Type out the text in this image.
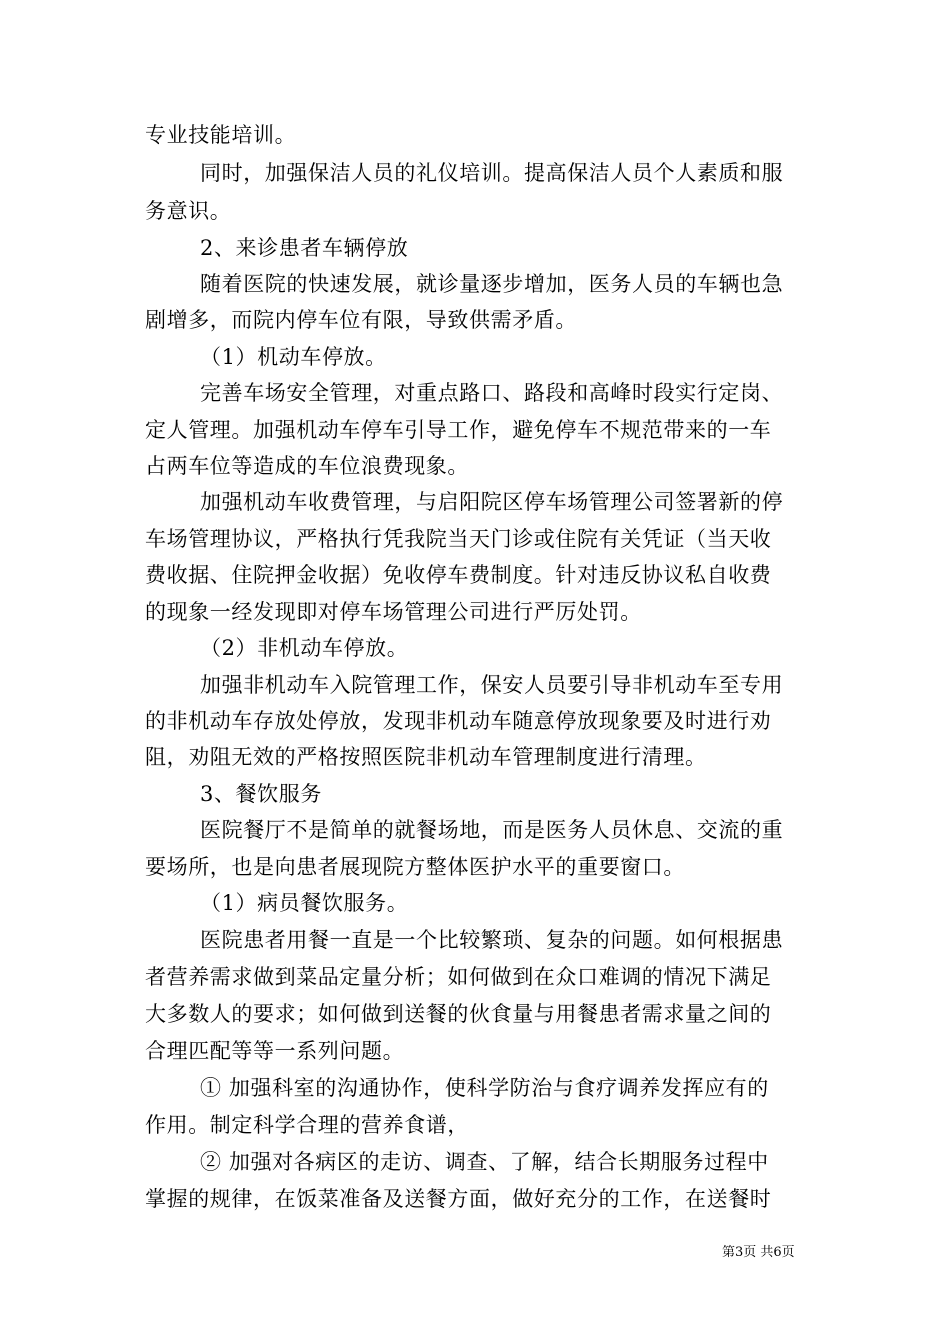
专业技能培训。
同时，加强保洁人员的礼仪培训。提高保洁人员个人素质和服
务意识。
2、来诊患者车辆停放
随着医院的快速发展，就诊量逐步增加，医务人员的车辆也急
剧增多，而院内停车位有限，导致供需矛盾。
（1）机动车停放。
完善车场安全管理，对重点路口、路段和高峰时段实行定岗、
定人管理。加强机动车停车引导工作，避免停车不规范带来的一车
占两车位等造成的车位浪费现象。
加强机动车收费管理，与启阳院区停车场管理公司签署新的停
车场管理协议，严格执行凭我院当天门诊或住院有关凭证（当天收
费收据、住院押金收据）免收停车费制度。针对违反协议私自收费
的现象一经发现即对停车场管理公司进行严厉处罚。
（2）非机动车停放。
加强非机动车入院管理工作，保安人员要引导非机动车至专用
的非机动车存放处停放，发现非机动车随意停放现象要及时进行劝
阻，劝阻无效的严格按照医院非机动车管理制度进行清理。
3、餐饮服务
医院餐厅不是简单的就餐场地，而是医务人员休息、交流的重
要场所，也是向患者展现院方整体医护水平的重要窗口。
（1）病员餐饮服务。
医院患者用餐一直是一个比较繁琐、复杂的问题。如何根据患
者营养需求做到菜品定量分析；如何做到在众口难调的情况下满足
大多数人的要求；如何做到送餐的伙食量与用餐患者需求量之间的
合理匹配等等一系列问题。
① 加强科室的沟通协作，使科学防治与食疗调养发挥应有的
作用。制定科学合理的营养食谱，
② 加强对各病区的走访、调查、了解，结合长期服务过程中
掌握的规律，在饭菜准备及送餐方面，做好充分的工作，在送餐时
第3页 共6页
